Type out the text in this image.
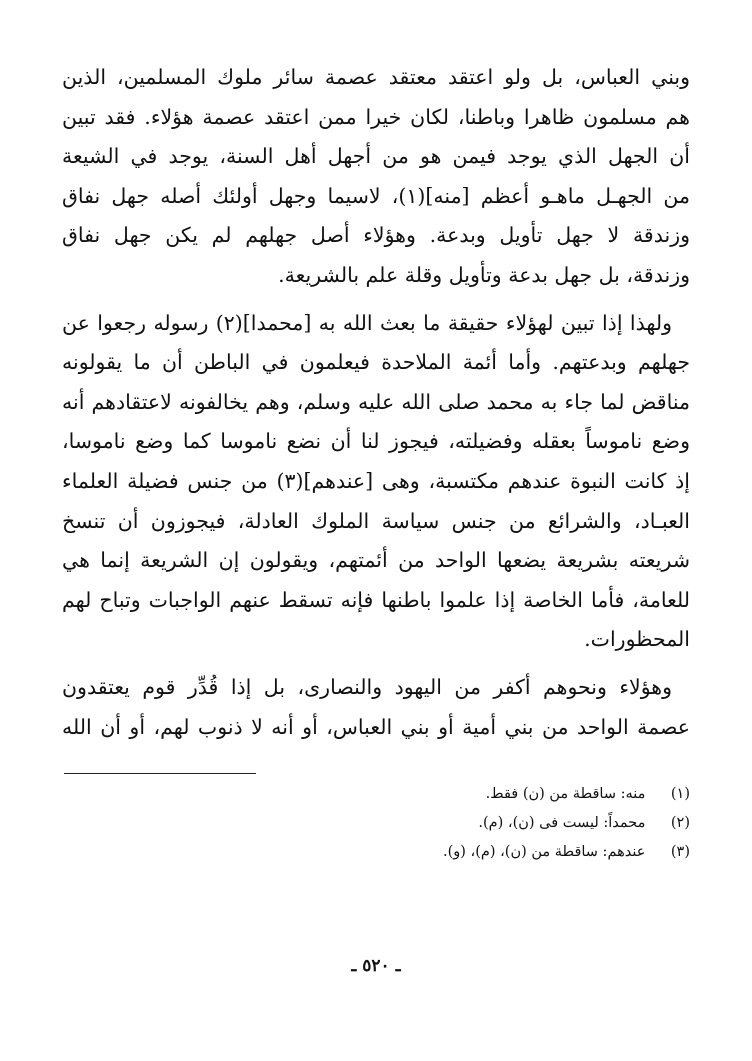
وبني العباس، بل ولو اعتقد معتقد عصمة سائر ملوك المسلمين، الذين
هم مسلمون ظاهرا وباطنا، لكان خيرا ممن اعتقد عصمة هؤلاء. فقد تبين
أن الجهل الذي يوجد فيمن هو من أجهل أهل السنة، يوجد في الشيعة
من الجهـل ماهـو أعظم [منه](١)، لاسيما وجهل أولئك أصله جهل نفاق
وزندقة لا جهل تأويل وبدعة. وهؤلاء أصل جهلهم لم يكن جهل نفاق
وزندقة، بل جهل بدعة وتأويل وقلة علم بالشريعة.

ولهذا إذا تبين لهؤلاء حقيقة ما بعث الله به [محمدا](٢) رسوله رجعوا عن
جهلهم وبدعتهم. وأما أئمة الملاحدة فيعلمون في الباطن أن ما يقولونه
مناقض لما جاء به محمد صلى الله عليه وسلم، وهم يخالفونه لاعتقادهم أنه
وضع ناموساً بعقله وفضيلته، فيجوز لنا أن نضع ناموسا كما وضع ناموسا،
إذ كانت النبوة عندهم مكتسبة، وهى [عندهم](٣) من جنس فضيلة العلماء
العبـاد، والشرائع من جنس سياسة الملوك العادلة، فيجوزون أن تنسخ
شريعته بشريعة يضعها الواحد من أئمتهم، ويقولون إن الشريعة إنما هي
للعامة، فأما الخاصة إذا علموا باطنها فإنه تسقط عنهم الواجبات وتباح لهم
المحظورات.

وهؤلاء ونحوهم أكفر من اليهود والنصارى، بل إذا قُدِّر قوم يعتقدون
عصمة الواحد من بني أمية أو بني العباس، أو أنه لا ذنوب لهم، أو أن الله

(١) منه: ساقطة من (ن) فقط.
(٢) محمداً: ليست فى (ن)، (م).
(٣) عندهم: ساقطة من (ن)، (م)، (و).
ـ ٥٢٠ ـ
